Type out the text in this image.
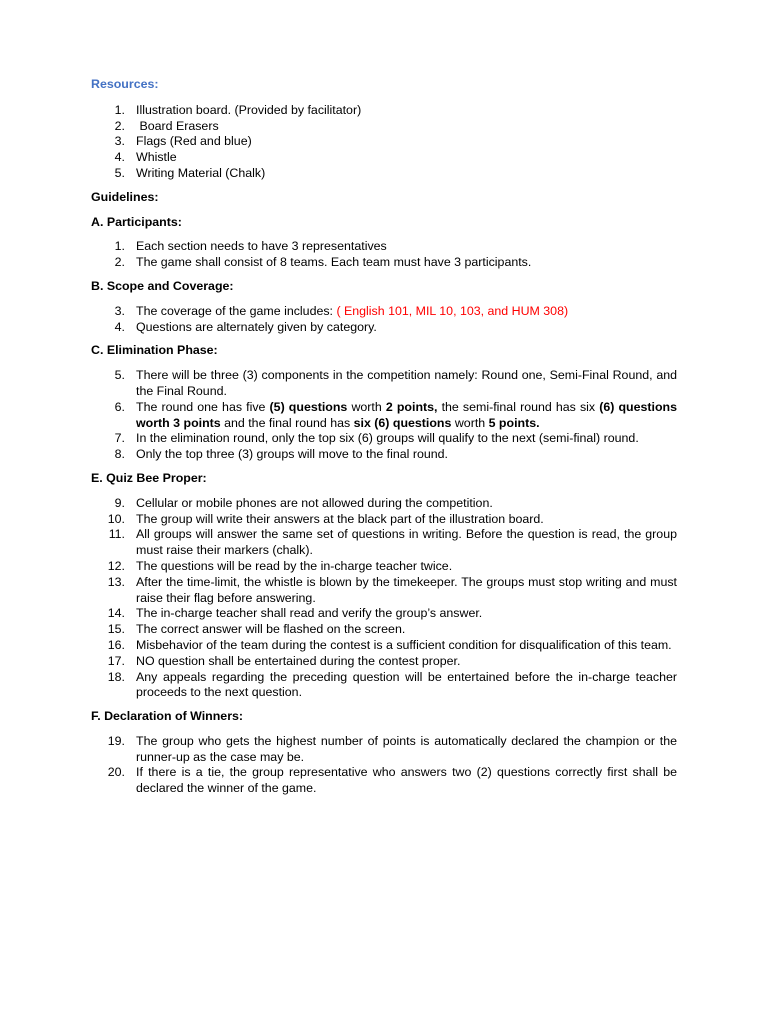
Resources:
1. Illustration board. (Provided by facilitator)
2. Board Erasers
3. Flags (Red and blue)
4. Whistle
5. Writing Material (Chalk)
Guidelines:
A. Participants:
1. Each section needs to have 3 representatives
2. The game shall consist of 8 teams. Each team must have 3 participants.
B. Scope and Coverage:
3. The coverage of the game includes: ( English 101, MIL 10, 103, and HUM 308)
4. Questions are alternately given by category.
C. Elimination Phase:
5. There will be three (3) components in the competition namely: Round one, Semi-Final Round, and the Final Round.
6. The round one has five (5) questions worth 2 points, the semi-final round has six (6) questions worth 3 points and the final round has six (6) questions worth 5 points.
7. In the elimination round, only the top six (6) groups will qualify to the next (semi-final) round.
8. Only the top three (3) groups will move to the final round.
E. Quiz Bee Proper:
9. Cellular or mobile phones are not allowed during the competition.
10. The group will write their answers at the black part of the illustration board.
11. All groups will answer the same set of questions in writing. Before the question is read, the group must raise their markers (chalk).
12. The questions will be read by the in-charge teacher twice.
13. After the time-limit, the whistle is blown by the timekeeper. The groups must stop writing and must raise their flag before answering.
14. The in-charge teacher shall read and verify the group’s answer.
15. The correct answer will be flashed on the screen.
16. Misbehavior of the team during the contest is a sufficient condition for disqualification of this team.
17. NO question shall be entertained during the contest proper.
18. Any appeals regarding the preceding question will be entertained before the in-charge teacher proceeds to the next question.
F. Declaration of Winners:
19. The group who gets the highest number of points is automatically declared the champion or the runner-up as the case may be.
20. If there is a tie, the group representative who answers two (2) questions correctly first shall be declared the winner of the game.
